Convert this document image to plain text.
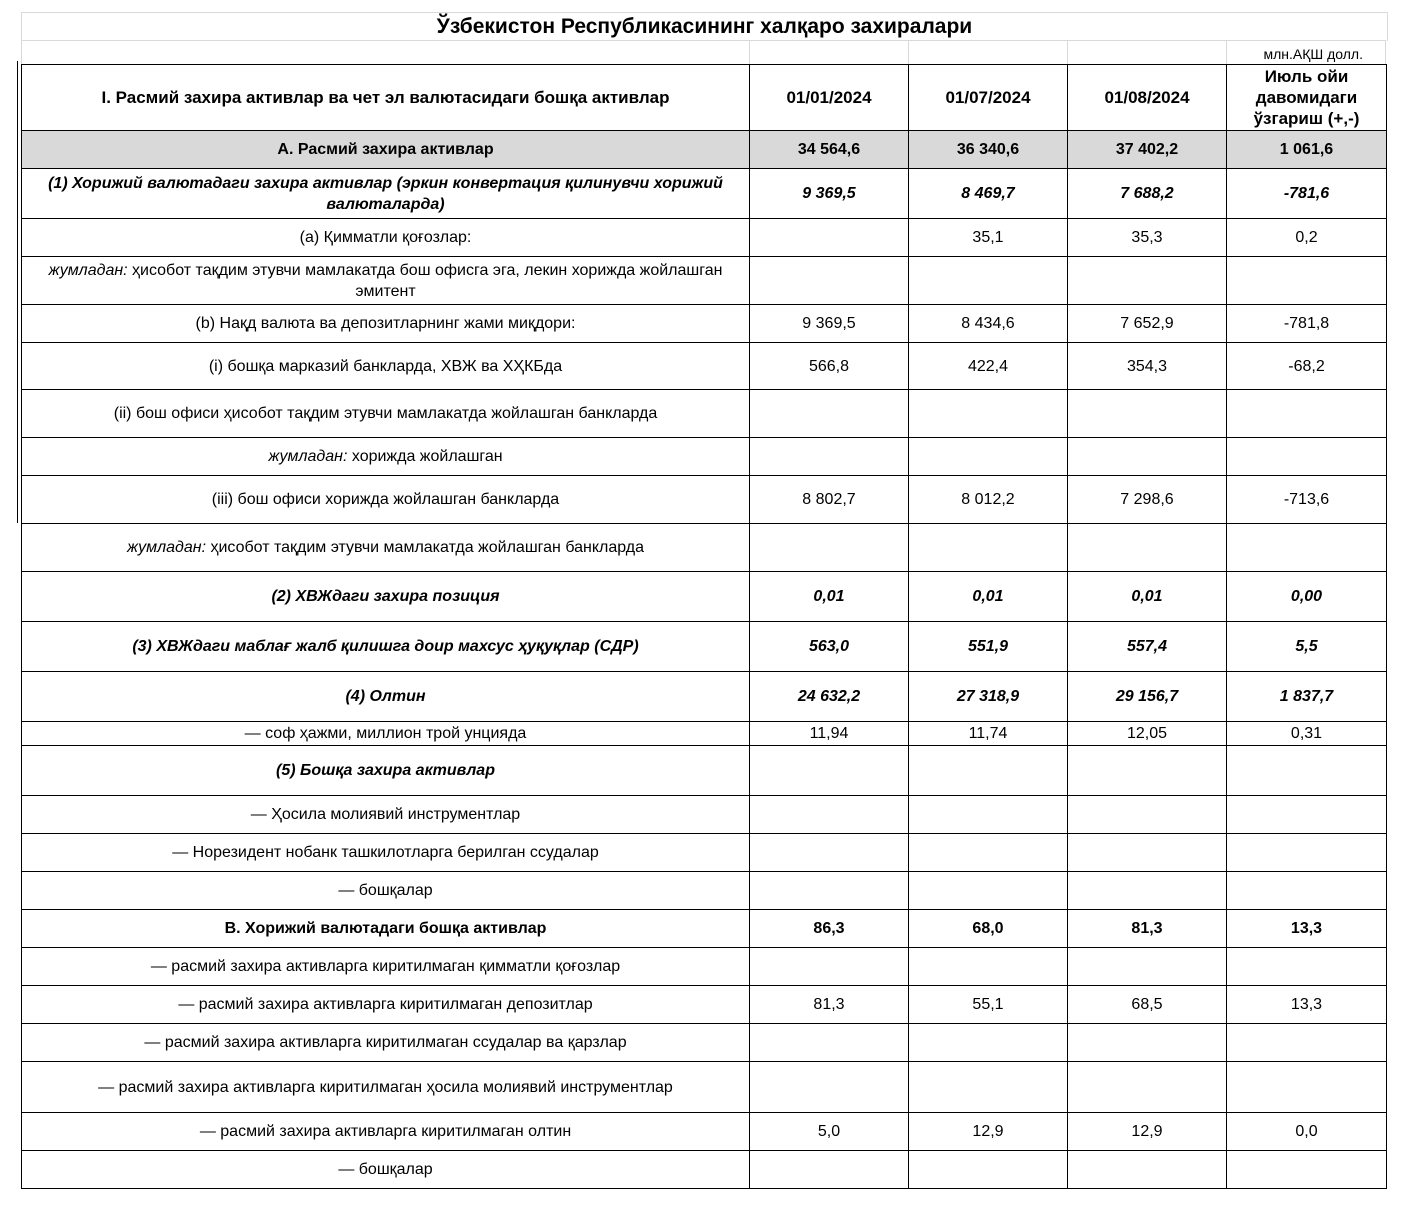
Ўзбекистон Республикасининг халқаро захиралари
млн.АҚШ долл.
I. Расмий захира активлар ва чет эл валютасидаги бошқа активлар	01/01/2024	01/07/2024	01/08/2024	Июль ойи давомидаги ўзгариш (+,-)
А. Расмий захира активлар	34 564,6	36 340,6	37 402,2	1 061,6
(1) Хорижий валютадаги захира активлар (эркин конвертация қилинувчи хорижий валюталарда)	9 369,5	8 469,7	7 688,2	-781,6
(a) Қимматли қоғозлар:		35,1	35,3	0,2
жумладан: ҳисобот тақдим этувчи мамлакатда бош офисга эга, лекин хорижда жойлашган эмитент				
(b) Нақд валюта ва депозитларнинг жами миқдори:	9 369,5	8 434,6	7 652,9	-781,8
(i) бошқа марказий банкларда, ХВЖ ва ХҲКБда	566,8	422,4	354,3	-68,2
(ii) бош офиси ҳисобот тақдим этувчи мамлакатда жойлашган банкларда				
жумладан: хорижда жойлашган				
(iii) бош офиси хорижда жойлашган банкларда	8 802,7	8 012,2	7 298,6	-713,6
жумладан: ҳисобот тақдим этувчи мамлакатда жойлашган банкларда				
(2) ХВЖдаги захира позиция	0,01	0,01	0,01	0,00
(3) ХВЖдаги маблағ жалб қилишга доир махсус ҳуқуқлар (СДР)	563,0	551,9	557,4	5,5
(4) Олтин	24 632,2	27 318,9	29 156,7	1 837,7
— соф ҳажми, миллион трой унцияда	11,94	11,74	12,05	0,31
(5) Бошқа захира активлар				
— Ҳосила молиявий инструментлар				
— Норезидент нобанк ташкилотларга берилган ссудалар				
— бошқалар				
B. Хорижий валютадаги бошқа активлар	86,3	68,0	81,3	13,3
— расмий захира активларга киритилмаган қимматли қоғозлар				
— расмий захира активларга киритилмаган депозитлар	81,3	55,1	68,5	13,3
— расмий захира активларга киритилмаган ссудалар ва қарзлар				
— расмий захира активларга киритилмаган ҳосила молиявий инструментлар				
— расмий захира активларга киритилмаган олтин	5,0	12,9	12,9	0,0
— бошқалар				
